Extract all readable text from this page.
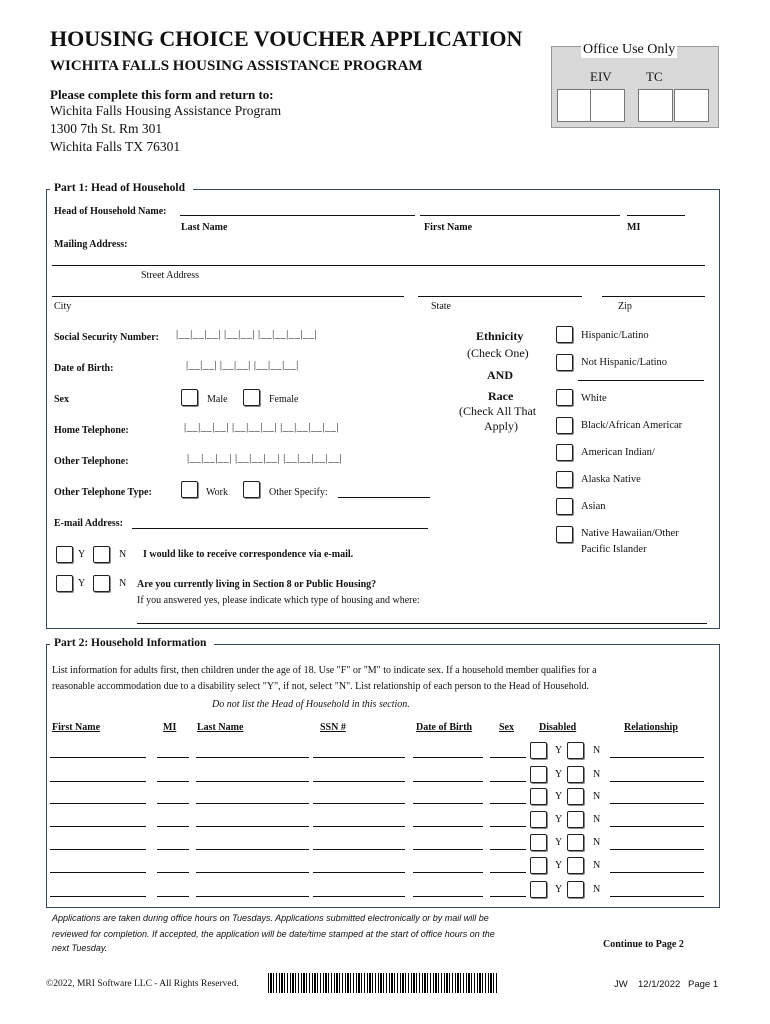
HOUSING CHOICE VOUCHER APPLICATION
WICHITA FALLS HOUSING ASSISTANCE PROGRAM
Please complete this form and return to:
Wichita Falls Housing Assistance Program
1300 7th St. Rm 301
Wichita Falls TX 76301
Office Use Only
EIV	TC
Part 1: Head of Household
Head of Household Name:
Last Name	First Name	MI
Mailing Address:
Street Address
City	State	Zip
Social Security Number: |__|__|__| |__|__| |__|__|__|__|
Date of Birth:	|__|__| |__|__| |__|__|__|
Sex	Male	Female
Home Telephone:	|__|__|__| |__|__|__| |__|__|__|__|
Other Telephone:	|__|__|__| |__|__|__| |__|__|__|__|
Other Telephone Type:	Work	Other Specify:
E-mail Address:
Y	N I would like to receive correspondence via e-mail.
Y	N Are you currently living in Section 8 or Public Housing?
If you answered yes, please indicate which type of housing and where:
Ethnicity
(Check One)
AND
Race
(Check All That
Apply)
Hispanic/Latino
Not Hispanic/Latino
White
Black/African Americar
American Indian/
Alaska Native
Asian
Native Hawaiian/Other
Pacific Islander
Part 2: Household Information
List information for adults first, then children under the age of 18. Use "F" or "M" to indicate sex. If a household member qualifies for a
reasonable accommodation due to a disability select "Y", if not, select "N". List relationship of each person to the Head of Household.
Do not list the Head of Household in this section.
First Name	MI Last Name	SSN #	Date of Birth	Sex	Disabled	Relationship
Y	N
Y	N
Y	N
Y	N
Y	N
Y	N
Y	N
Applications are taken during office hours on Tuesdays. Applications submitted electronically or by mail will be
reviewed for completion. If accepted, the application will be date/time stamped at the start of office hours on the
next Tuesday.	Continue to Page 2
©2022, MRI Software LLC - All Rights Reserved.	JW 12/1/2022 Page 1
